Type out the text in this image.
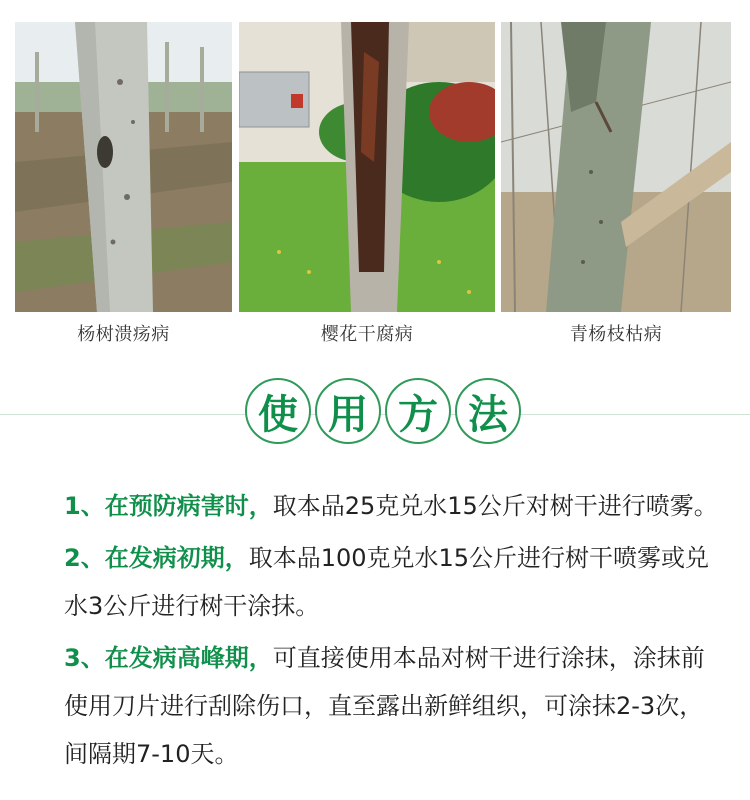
杨树溃疡病	樱花干腐病	青杨枝枯病
使 用 方 法
1、在预防病害时，取本品25克兑水15公斤对树干进行喷雾。
2、在发病初期，取本品100克兑水15公斤进行树干喷雾或兑水3公斤进行树干涂抹。
3、在发病高峰期，可直接使用本品对树干进行涂抹，涂抹前使用刀片进行刮除伤口，直至露出新鲜组织，可涂抹2-3次，间隔期7-10天。
